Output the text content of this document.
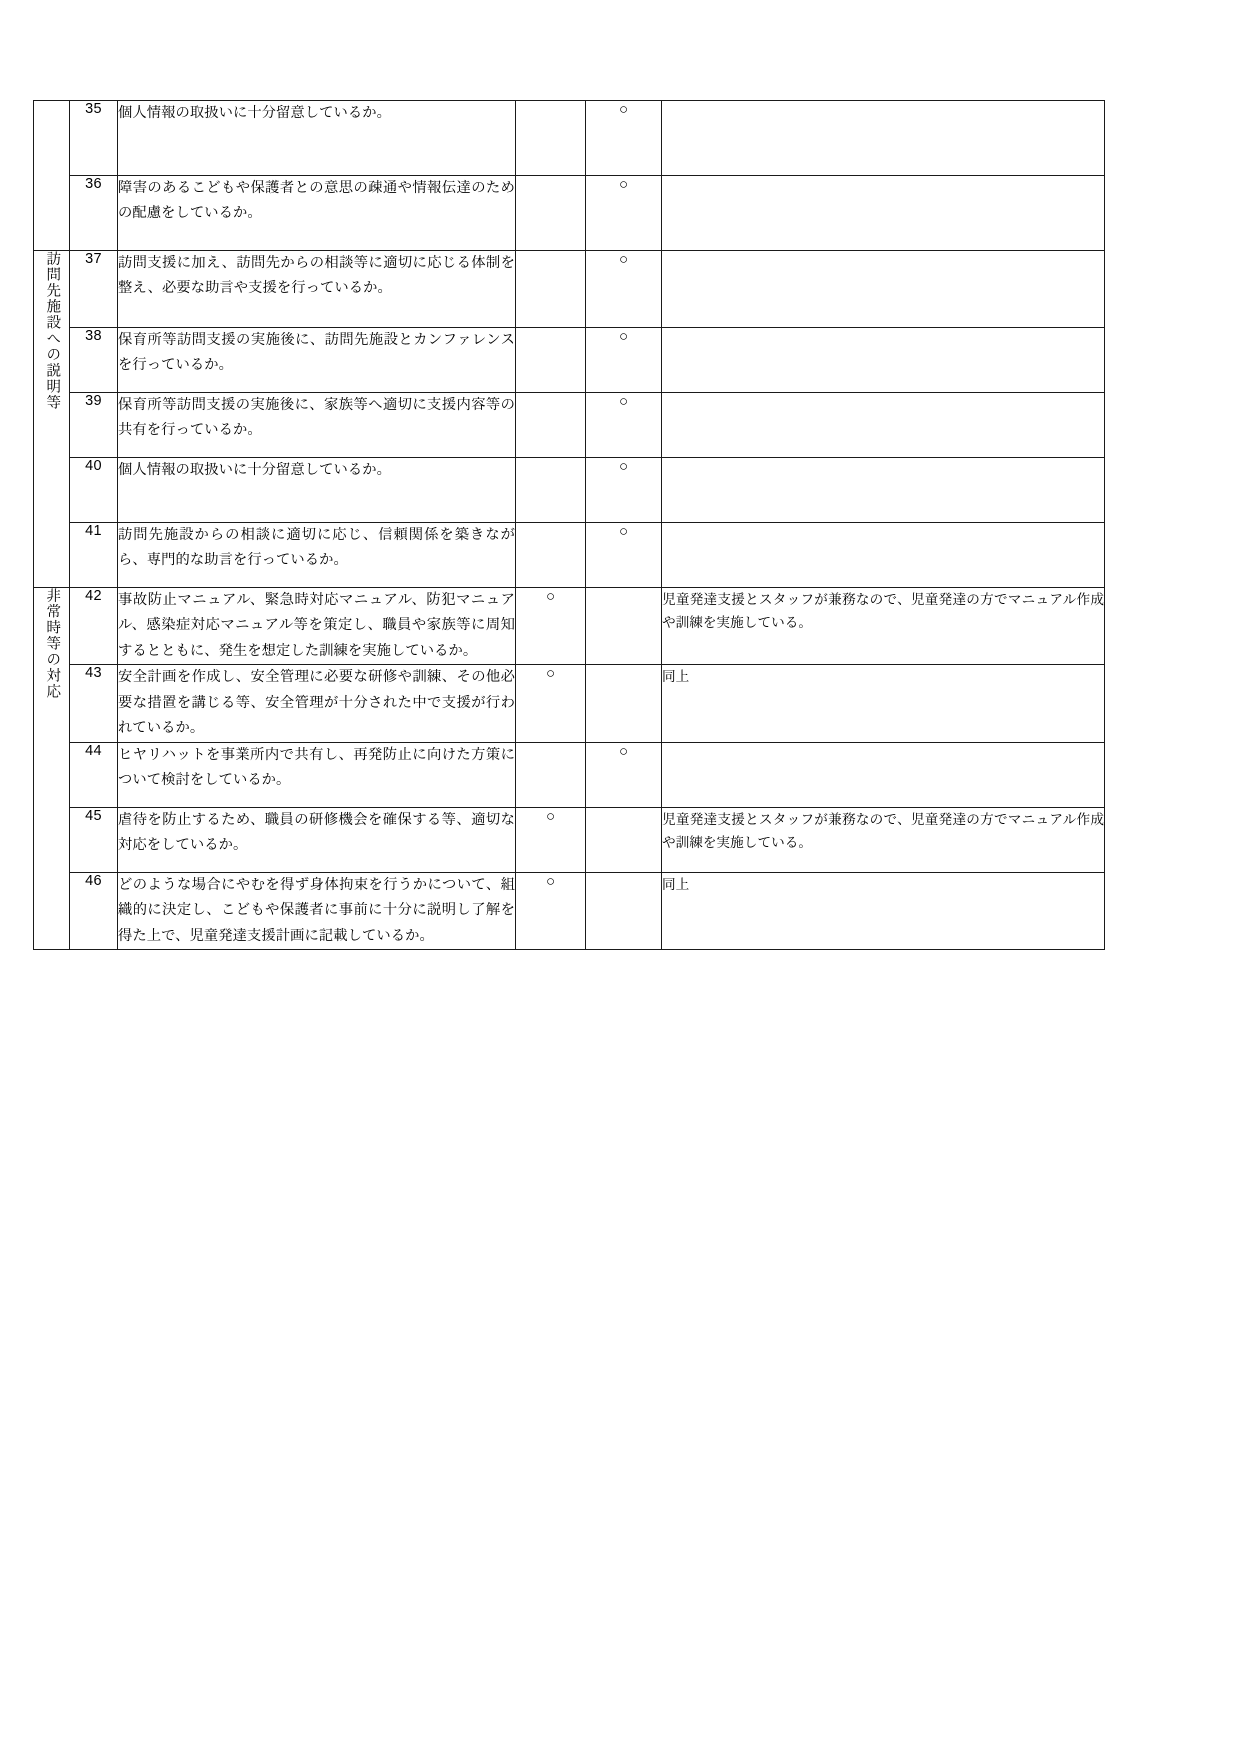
	35	個人情報の取扱いに十分留意しているか。		○	

	36	障害のあるこどもや保護者との意思の疎通や情報伝達のための配慮をしているか。		○	

訪問先施設への説明等	37	訪問支援に加え、訪問先からの相談等に適切に応じる体制を整え、必要な助言や支援を行っているか。		○	

	38	保育所等訪問支援の実施後に、訪問先施設とカンファレンスを行っているか。		○	

	39	保育所等訪問支援の実施後に、家族等へ適切に支援内容等の共有を行っているか。		○	

	40	個人情報の取扱いに十分留意しているか。		○	

	41	訪問先施設からの相談に適切に応じ、信頼関係を築きながら、専門的な助言を行っているか。		○	

非常時等の対応	42	事故防止マニュアル、緊急時対応マニュアル、防犯マニュアル、感染症対応マニュアル等を策定し、職員や家族等に周知するとともに、発生を想定した訓練を実施しているか。	○		児童発達支援とスタッフが兼務なので、児童発達の方でマニュアル作成や訓練を実施している。

	43	安全計画を作成し、安全管理に必要な研修や訓練、その他必要な措置を講じる等、安全管理が十分された中で支援が行われているか。	○		同上

	44	ヒヤリハットを事業所内で共有し、再発防止に向けた方策について検討をしているか。		○	

	45	虐待を防止するため、職員の研修機会を確保する等、適切な対応をしているか。	○		児童発達支援とスタッフが兼務なので、児童発達の方でマニュアル作成や訓練を実施している。

	46	どのような場合にやむを得ず身体拘束を行うかについて、組織的に決定し、こどもや保護者に事前に十分に説明し了解を得た上で、児童発達支援計画に記載しているか。	○		同上
